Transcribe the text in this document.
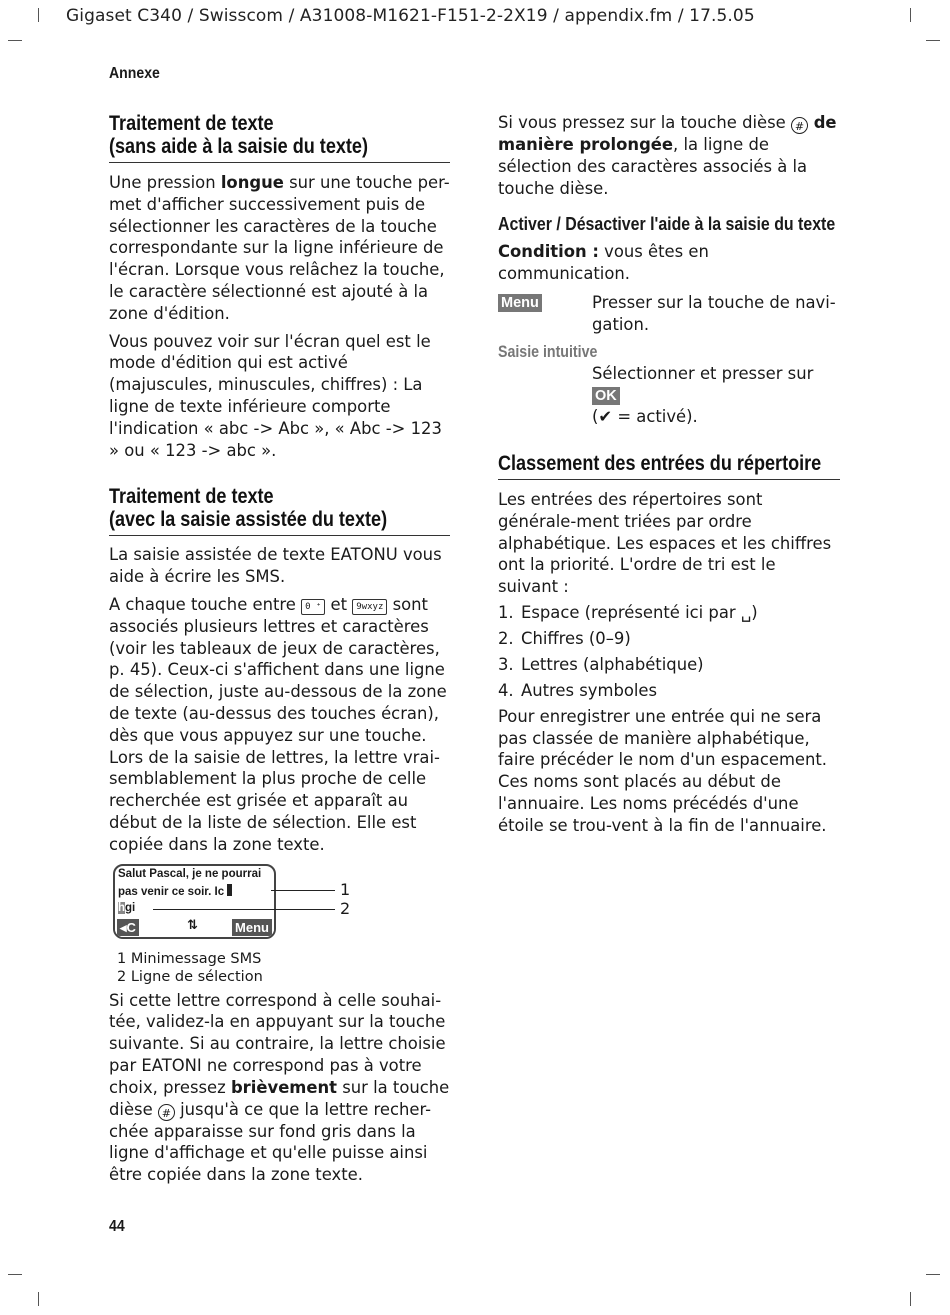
Gigaset C340 / Swisscom / A31008-M1621-F151-2-2X19 / appendix.fm / 17.5.05
Annexe
Traitement de texte
(sans aide à la saisie du texte)

Une pression longue sur une touche per- met d'afficher successivement puis de sélectionner les caractères de la touche correspondante sur la ligne inférieure de l'écran. Lorsque vous relâchez la touche, le caractère sélectionné est ajouté à la zone d'édition.

Vous pouvez voir sur l'écran quel est le mode d'édition qui est activé (majuscules, minuscules, chiffres) : La ligne de texte inférieure comporte l'indication « abc -> Abc », « Abc -> 123 » ou « 123 -> abc ».

Traitement de texte
(avec la saisie assistée du texte)

La saisie assistée de texte EATONU vous aide à écrire les SMS.

A chaque touche entre 0 ⁺ et 9wxyz sont associés plusieurs lettres et caractères (voir les tableaux de jeux de caractères, p. 45). Ceux-ci s'affichent dans une ligne de sélection, juste au-dessous de la zone de texte (au-dessus des touches écran), dès que vous appuyez sur une touche. Lors de la saisie de lettres, la lettre vrai-semblablement la plus proche de celle recherchée est grisée et apparaît au début de la liste de sélection. Elle est copiée dans la zone texte.

Salut Pascal, je ne pourrai
pas venir ce soir. Ic
hgi
◂C	⇅	Menu
1
2

1 Minimessage SMS

2 Ligne de sélection

Si cette lettre correspond à celle souhai-tée, validez-la en appuyant sur la touche suivante. Si au contraire, la lettre choisie par EATONI ne correspond pas à votre choix, pressez brièvement sur la touche dièse # jusqu'à ce que la lettre recher-chée apparaisse sur fond gris dans la ligne d'affichage et qu'elle puisse ainsi être copiée dans la zone texte.

Si vous pressez sur la touche dièse # de manière prolongée, la ligne de sélection des caractères associés à la touche dièse.

Activer / Désactiver l'aide à la saisie du texte

Condition : vous êtes en communication.

Menu	Presser sur la touche de navi-gation.

Saisie intuitive

Sélectionner et presser sur OK
(✔ = activé).

Classement des entrées du répertoire

Les entrées des répertoires sont générale-ment triées par ordre alphabétique. Les espaces et les chiffres ont la priorité. L'ordre de tri est le suivant :

1. Espace (représenté ici par ␣)
2. Chiffres (0–9)
3. Lettres (alphabétique)
4. Autres symboles

Pour enregistrer une entrée qui ne sera pas classée de manière alphabétique, faire précéder le nom d'un espacement. Ces noms sont placés au début de l'annuaire. Les noms précédés d'une étoile se trou-vent à la fin de l'annuaire.

44
